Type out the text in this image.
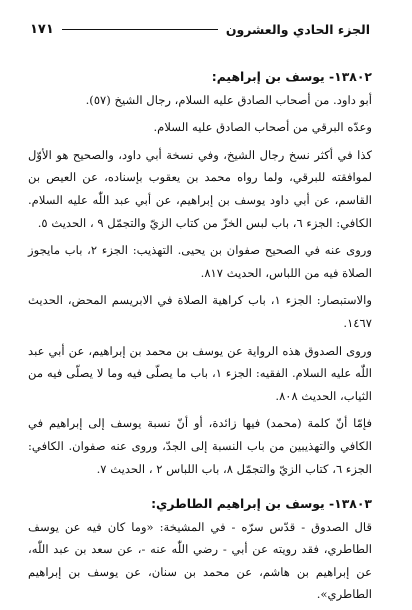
الجزء الحادي والعشرون
١٧١

١٣٨٠٢- يوسف بن إبراهيم:

أبو داود. من أصحاب الصادق عليه السلام، رجال الشيخ (٥٧).

وعدّه البرقي من أصحاب الصادق عليه السلام.

كذا في أكثر نسخ رجال الشيخ، وفي نسخة أبي داود، والصحيح هو الأوّل لموافقته للبرقي، ولما رواه محمد بن يعقوب بإسناده، عن العيص بن القاسم، عن أبي داود يوسف بن إبراهيم، عن أبي عبد اللّٰه عليه السلام. الكافي: الجزء ٦، باب لبس الخزّ من كتاب الزيّ والتجمّل ٩ ، الحديث ٥.

وروى عنه في الصحيح صفوان بن يحيى. التهذيب: الجزء ٢، باب مايجوز الصلاة فيه من اللباس، الحديث ٨١٧.

والاستبصار: الجزء ١، باب كراهية الصلاة في الابريسم المحض، الحديث ١٤٦٧.

وروى الصدوق هذه الرواية عن يوسف بن محمد بن إبراهيم، عن أبي عبد اللّٰه عليه السلام. الفقيه: الجزء ١، باب ما يصلّى فيه وما لا يصلّى فيه من الثياب، الحديث ٨٠٨.

فإمّا أنّ كلمة (محمد) فيها زائدة، أو أنّ نسبة يوسف إلى إبراهيم في الكافي والتهذيبين من باب النسبة إلى الجدّ، وروى عنه صفوان. الكافي: الجزء ٦، كتاب الزيّ والتجمّل ٨، باب اللباس ٢ ، الحديث ٧.

١٣٨٠٣- يوسف بن إبراهيم الطاطري:

قال الصدوق - قدّس سرّه - في المشيخة: «وما كان فيه عن يوسف الطاطري، فقد رويته عن أبي - رضي اللّٰه عنه -، عن سعد بن عبد اللّٰه، عن إبراهيم بن هاشم، عن محمد بن سنان، عن يوسف بن إبراهيم الطاطري».
